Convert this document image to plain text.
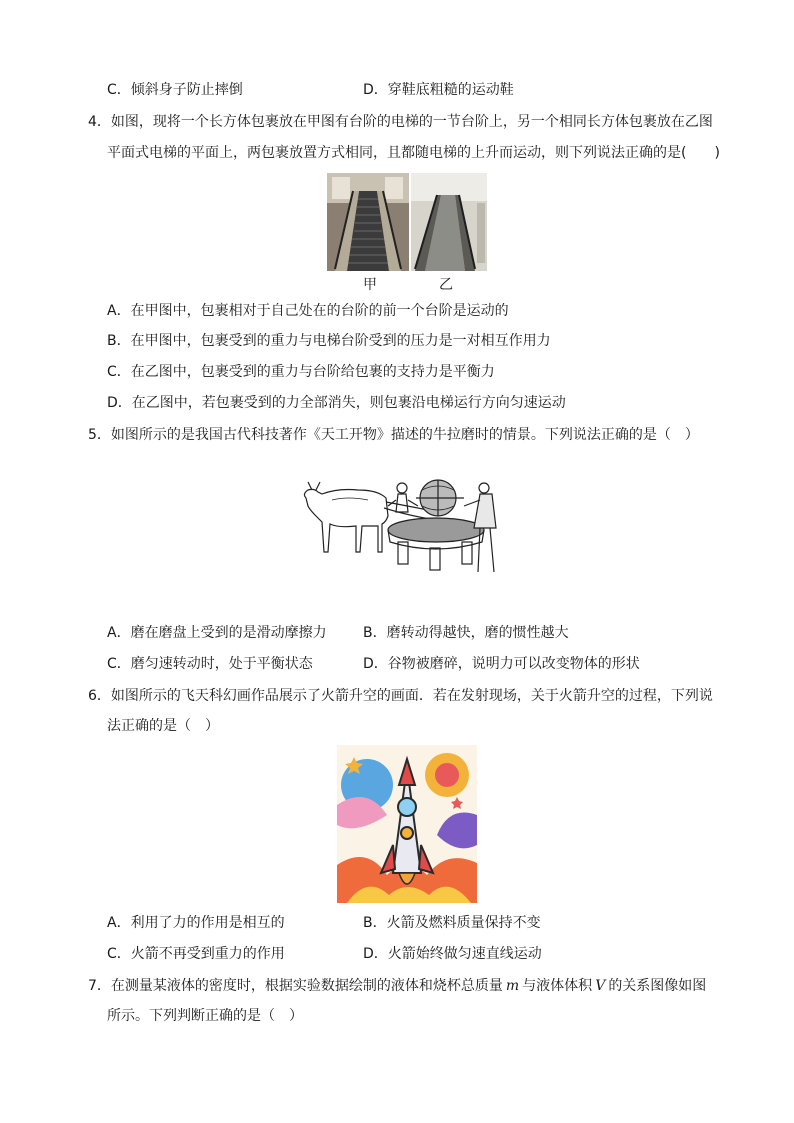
C．倾斜身子防止摔倒	D．穿鞋底粗糙的运动鞋
4．如图，现将一个长方体包裹放在甲图有台阶的电梯的一节台阶上，另一个相同长方体包裹放在乙图
平面式电梯的平面上，两包裹放置方式相同，且都随电梯的上升而运动，则下列说法正确的是(　　)
甲	乙
A．在甲图中，包裹相对于自己处在的台阶的前一个台阶是运动的
B．在甲图中，包裹受到的重力与电梯台阶受到的压力是一对相互作用力
C．在乙图中，包裹受到的重力与台阶给包裹的支持力是平衡力
D．在乙图中，若包裹受到的力全部消失，则包裹沿电梯运行方向匀速运动
5．如图所示的是我国古代科技著作《天工开物》描述的牛拉磨时的情景。下列说法正确的是（　）
A．磨在磨盘上受到的是滑动摩擦力	B．磨转动得越快，磨的惯性越大
C．磨匀速转动时，处于平衡状态	D．谷物被磨碎，说明力可以改变物体的形状
6．如图所示的飞天科幻画作品展示了火箭升空的画面．若在发射现场，关于火箭升空的过程，下列说
法正确的是（　）
A．利用了力的作用是相互的	B．火箭及燃料质量保持不变
C．火箭不再受到重力的作用	D．火箭始终做匀速直线运动
7．在测量某液体的密度时，根据实验数据绘制的液体和烧杯总质量 m 与液体体积 V 的关系图像如图
所示。下列判断正确的是（　）
